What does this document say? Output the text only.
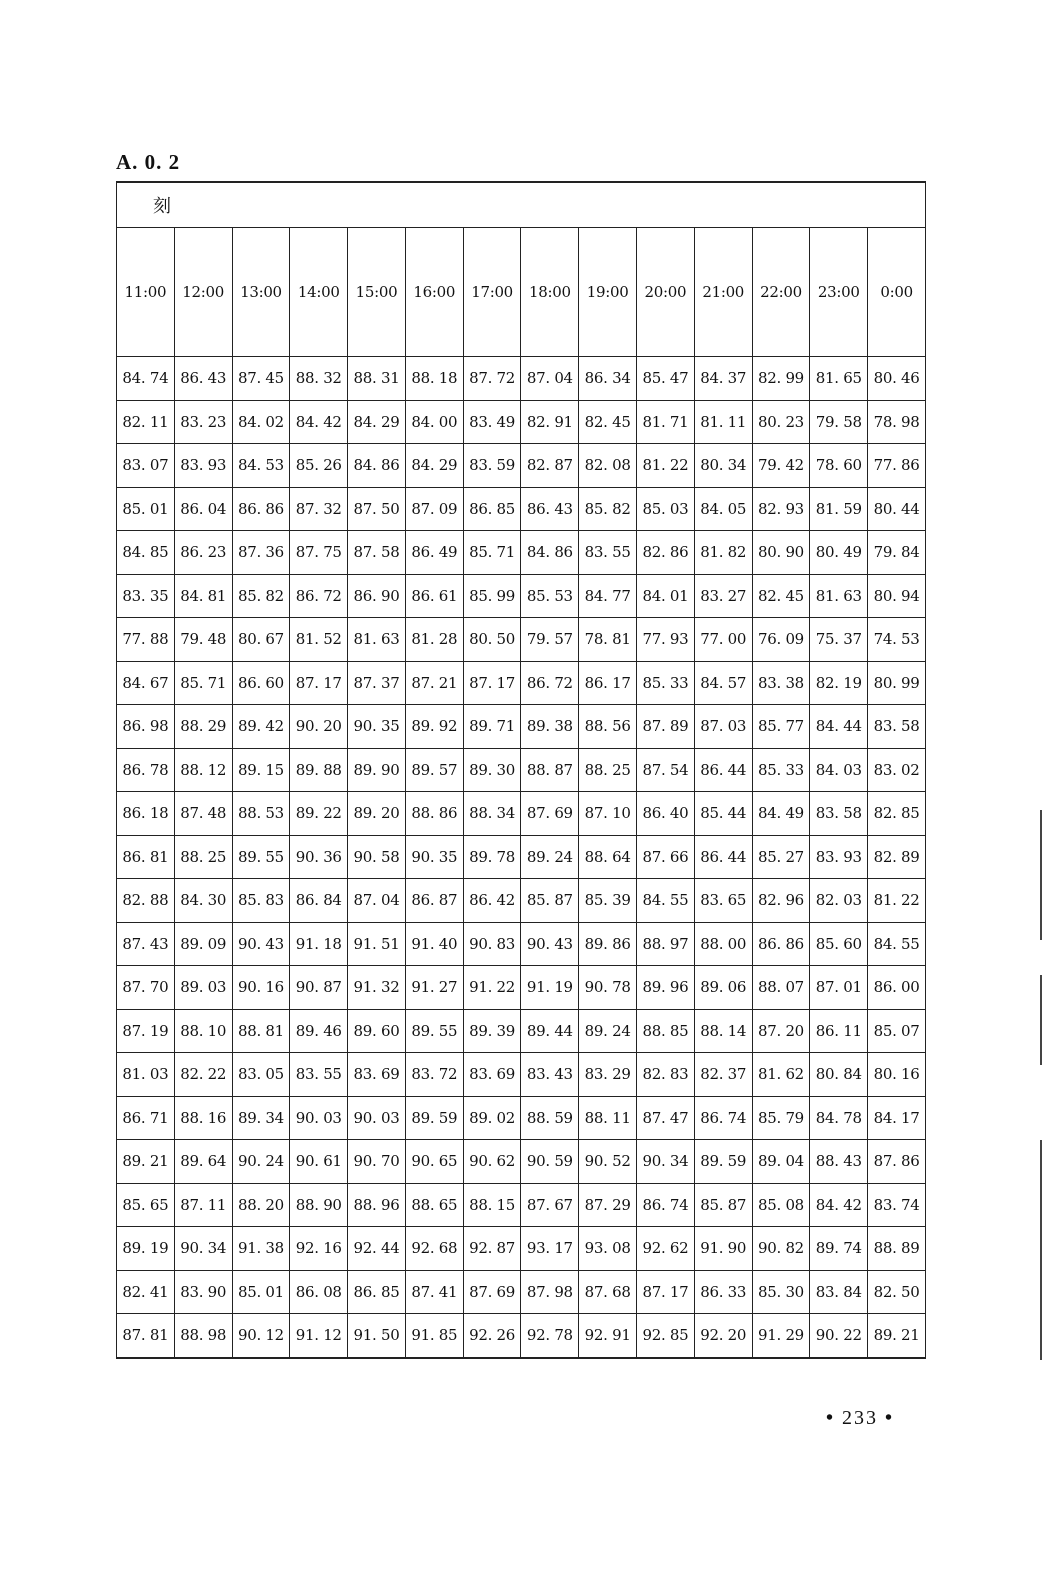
A. 0. 2
刻													
11:00	12:00	13:00	14:00	15:00	16:00	17:00	18:00	19:00	20:00	21:00	22:00	23:00	0:00
84. 74	86. 43	87. 45	88. 32	88. 31	88. 18	87. 72	87. 04	86. 34	85. 47	84. 37	82. 99	81. 65	80. 46
82. 11	83. 23	84. 02	84. 42	84. 29	84. 00	83. 49	82. 91	82. 45	81. 71	81. 11	80. 23	79. 58	78. 98
83. 07	83. 93	84. 53	85. 26	84. 86	84. 29	83. 59	82. 87	82. 08	81. 22	80. 34	79. 42	78. 60	77. 86
85. 01	86. 04	86. 86	87. 32	87. 50	87. 09	86. 85	86. 43	85. 82	85. 03	84. 05	82. 93	81. 59	80. 44
84. 85	86. 23	87. 36	87. 75	87. 58	86. 49	85. 71	84. 86	83. 55	82. 86	81. 82	80. 90	80. 49	79. 84
83. 35	84. 81	85. 82	86. 72	86. 90	86. 61	85. 99	85. 53	84. 77	84. 01	83. 27	82. 45	81. 63	80. 94
77. 88	79. 48	80. 67	81. 52	81. 63	81. 28	80. 50	79. 57	78. 81	77. 93	77. 00	76. 09	75. 37	74. 53
84. 67	85. 71	86. 60	87. 17	87. 37	87. 21	87. 17	86. 72	86. 17	85. 33	84. 57	83. 38	82. 19	80. 99
86. 98	88. 29	89. 42	90. 20	90. 35	89. 92	89. 71	89. 38	88. 56	87. 89	87. 03	85. 77	84. 44	83. 58
86. 78	88. 12	89. 15	89. 88	89. 90	89. 57	89. 30	88. 87	88. 25	87. 54	86. 44	85. 33	84. 03	83. 02
86. 18	87. 48	88. 53	89. 22	89. 20	88. 86	88. 34	87. 69	87. 10	86. 40	85. 44	84. 49	83. 58	82. 85
86. 81	88. 25	89. 55	90. 36	90. 58	90. 35	89. 78	89. 24	88. 64	87. 66	86. 44	85. 27	83. 93	82. 89
82. 88	84. 30	85. 83	86. 84	87. 04	86. 87	86. 42	85. 87	85. 39	84. 55	83. 65	82. 96	82. 03	81. 22
87. 43	89. 09	90. 43	91. 18	91. 51	91. 40	90. 83	90. 43	89. 86	88. 97	88. 00	86. 86	85. 60	84. 55
87. 70	89. 03	90. 16	90. 87	91. 32	91. 27	91. 22	91. 19	90. 78	89. 96	89. 06	88. 07	87. 01	86. 00
87. 19	88. 10	88. 81	89. 46	89. 60	89. 55	89. 39	89. 44	89. 24	88. 85	88. 14	87. 20	86. 11	85. 07
81. 03	82. 22	83. 05	83. 55	83. 69	83. 72	83. 69	83. 43	83. 29	82. 83	82. 37	81. 62	80. 84	80. 16
86. 71	88. 16	89. 34	90. 03	90. 03	89. 59	89. 02	88. 59	88. 11	87. 47	86. 74	85. 79	84. 78	84. 17
89. 21	89. 64	90. 24	90. 61	90. 70	90. 65	90. 62	90. 59	90. 52	90. 34	89. 59	89. 04	88. 43	87. 86
85. 65	87. 11	88. 20	88. 90	88. 96	88. 65	88. 15	87. 67	87. 29	86. 74	85. 87	85. 08	84. 42	83. 74
89. 19	90. 34	91. 38	92. 16	92. 44	92. 68	92. 87	93. 17	93. 08	92. 62	91. 90	90. 82	89. 74	88. 89
82. 41	83. 90	85. 01	86. 08	86. 85	87. 41	87. 69	87. 98	87. 68	87. 17	86. 33	85. 30	83. 84	82. 50
87. 81	88. 98	90. 12	91. 12	91. 50	91. 85	92. 26	92. 78	92. 91	92. 85	92. 20	91. 29	90. 22	89. 21
• 233 •
